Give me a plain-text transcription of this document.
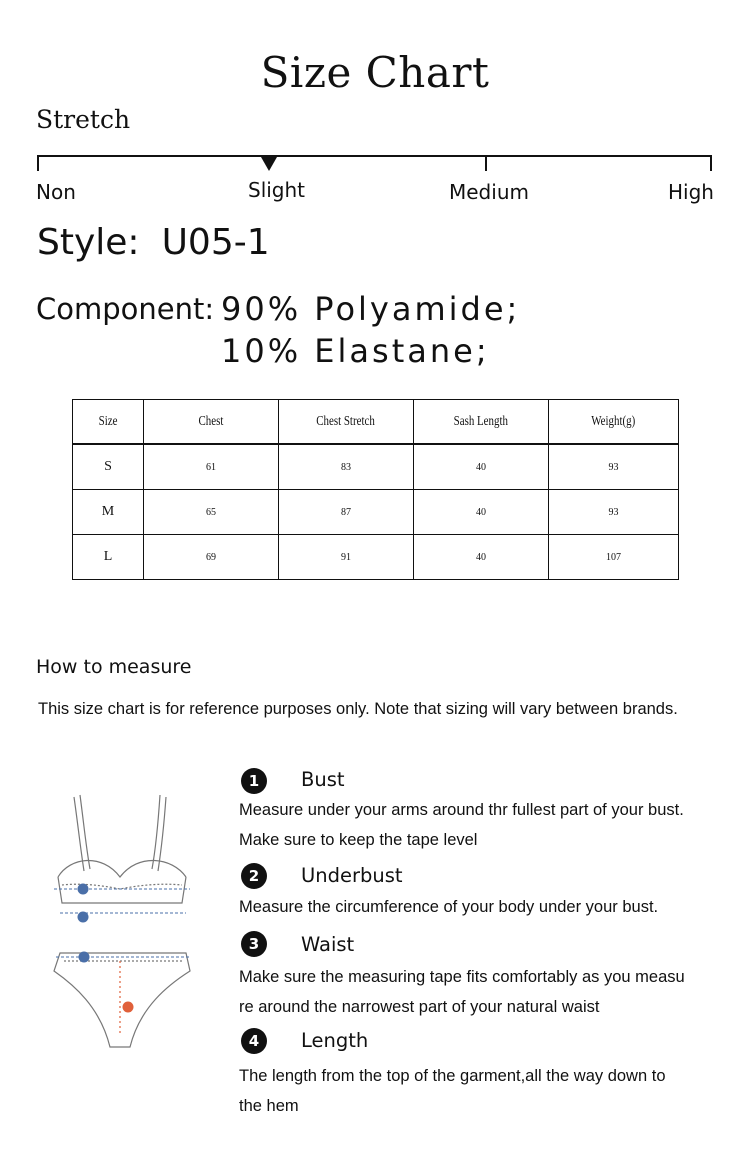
Size Chart
Stretch
Non	Slight	Medium	High
Style: U05-1
Component: 90% Polyamide;
10% Elastane;
Size	Chest	Chest Stretch	Sash Length	Weight(g)
S	61	83	40	93
M	65	87	40	93
L	69	91	40	107
How to measure
This size chart is for reference purposes only. Note that sizing will vary between brands.
1	Bust
Measure under your arms around thr fullest part of your bust.
Make sure to keep the tape level
2	Underbust
Measure the circumference of your body under your bust.
3	Waist
Make sure the measuring tape fits comfortably as you measu
re around the narrowest part of your natural waist
4	Length
The length from the top of the garment,all the way down to
the hem
